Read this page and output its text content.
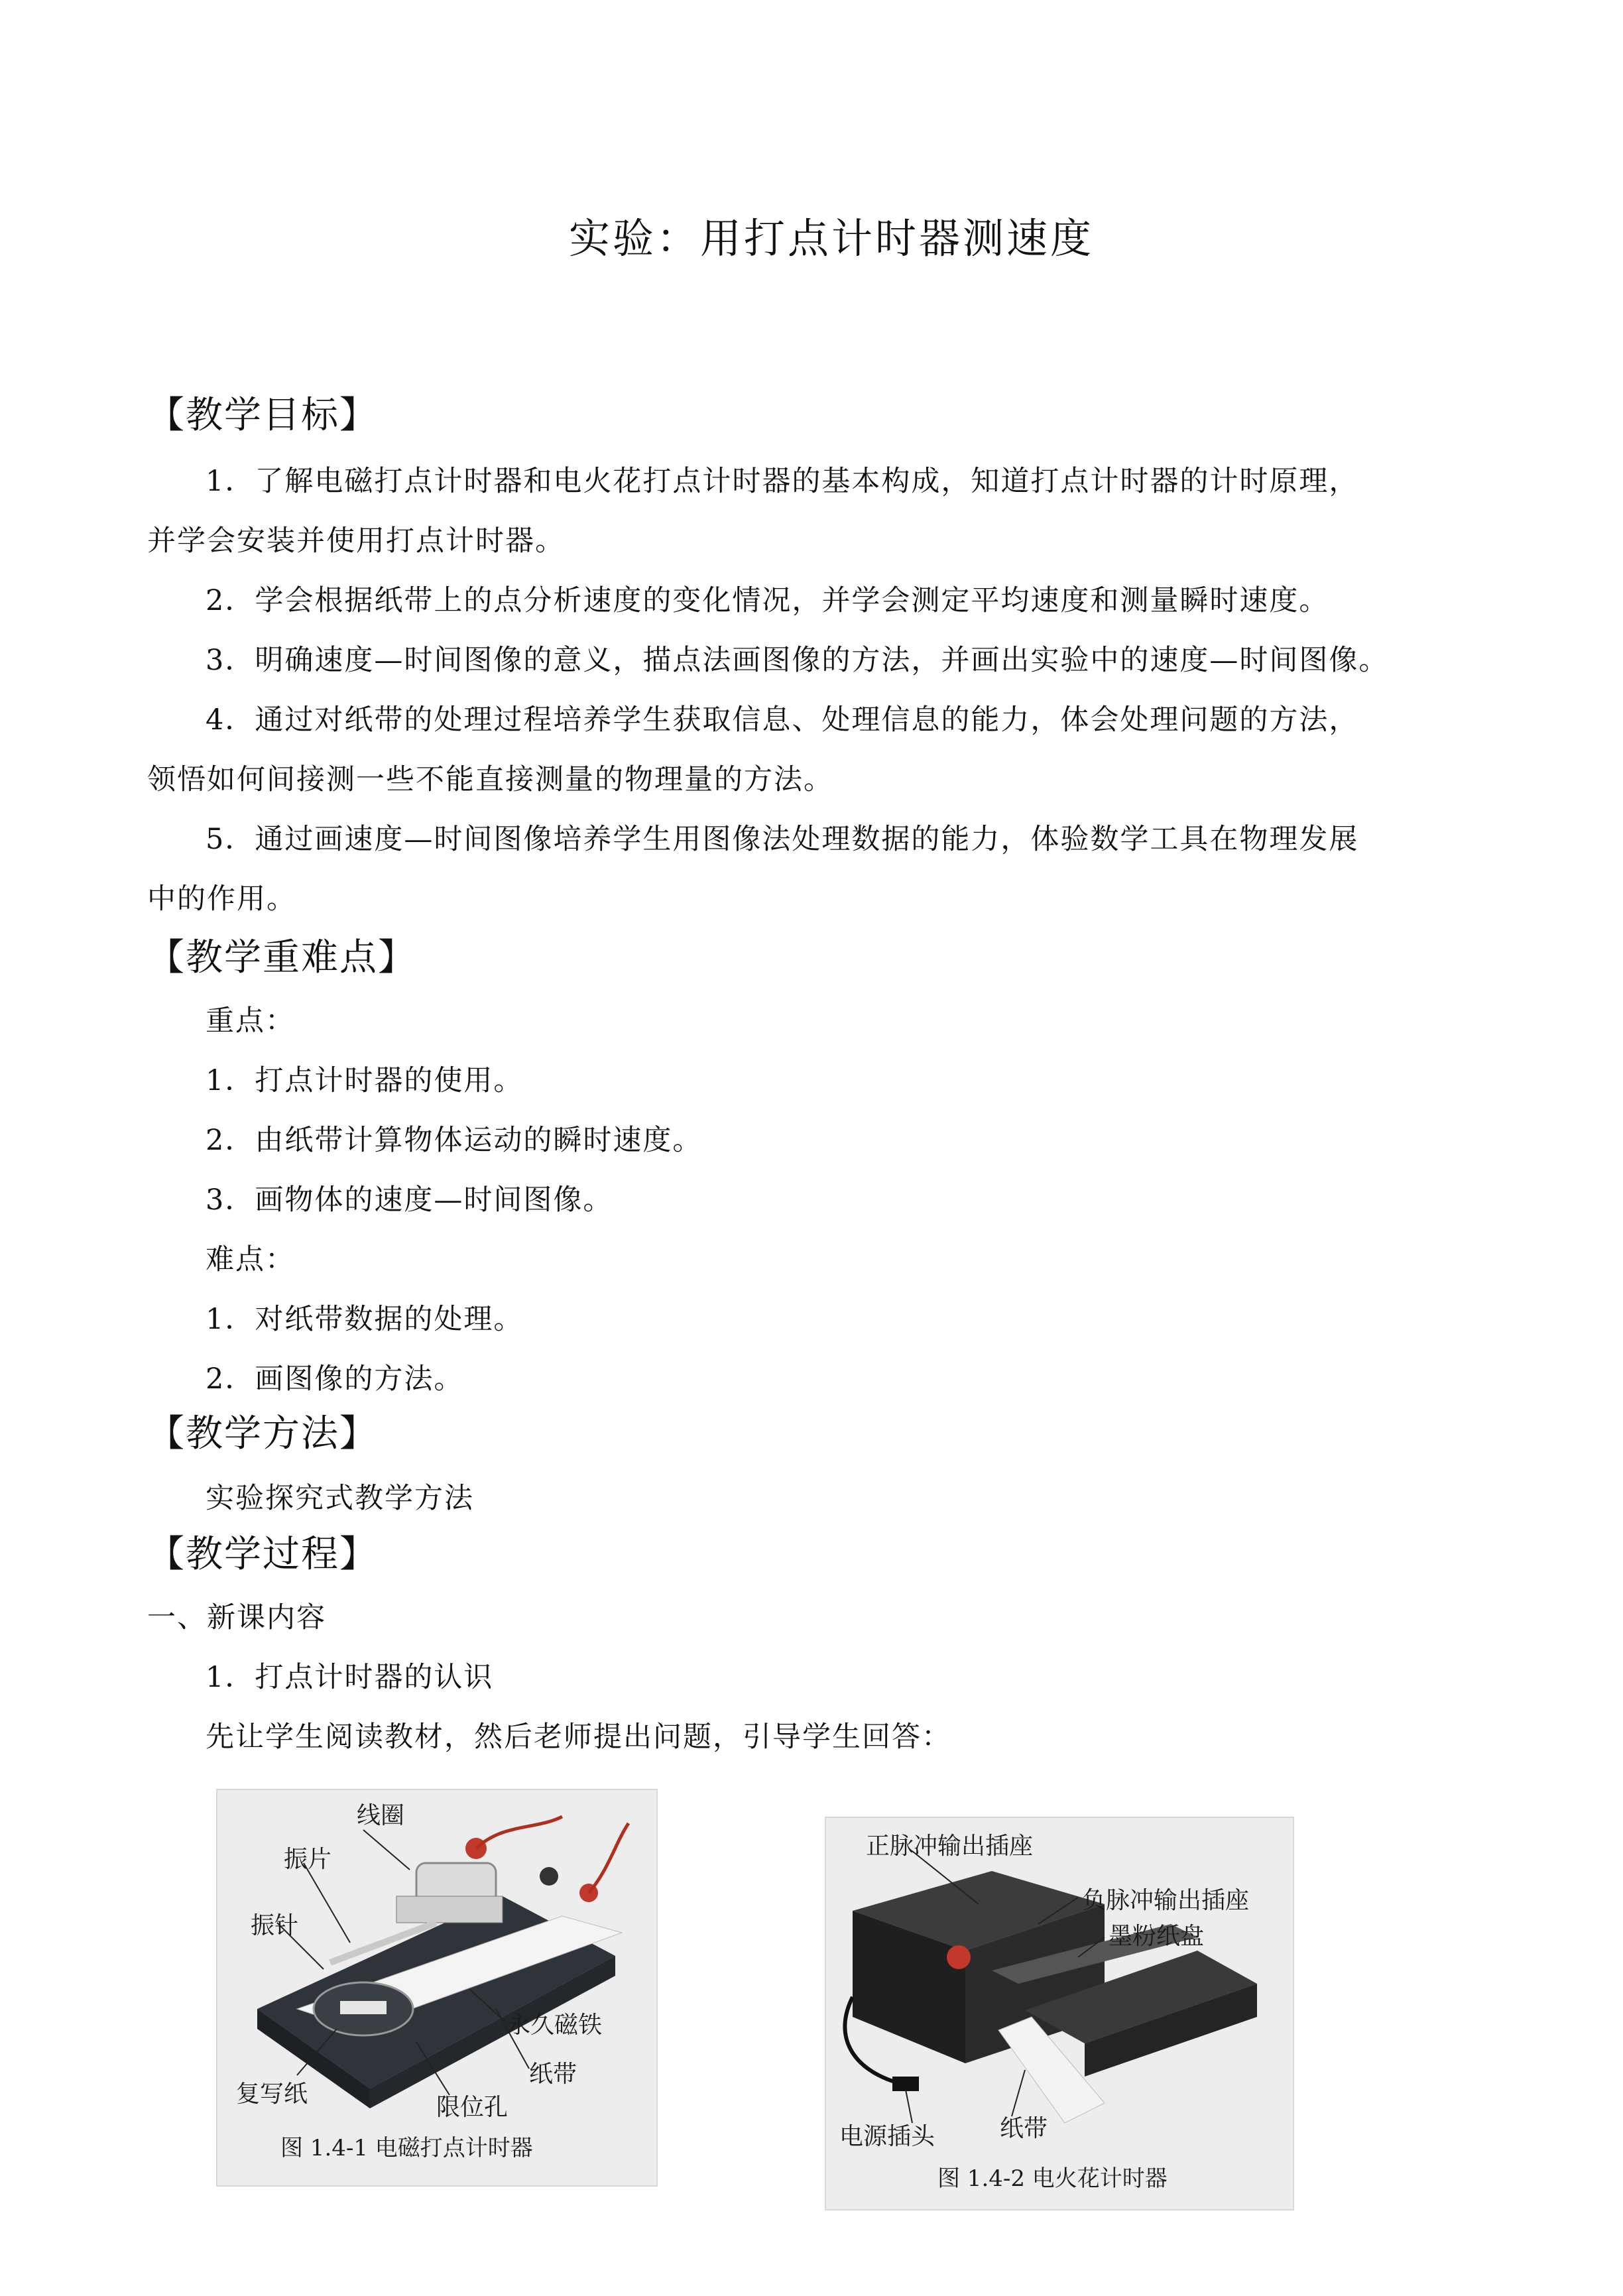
实验：用打点计时器测速度
【教学目标】
1．了解电磁打点计时器和电火花打点计时器的基本构成，知道打点计时器的计时原理，
并学会安装并使用打点计时器。
2．学会根据纸带上的点分析速度的变化情况，并学会测定平均速度和测量瞬时速度。
3．明确速度—时间图像的意义，描点法画图像的方法，并画出实验中的速度—时间图像。
4．通过对纸带的处理过程培养学生获取信息、处理信息的能力，体会处理问题的方法，
领悟如何间接测一些不能直接测量的物理量的方法。
5．通过画速度—时间图像培养学生用图像法处理数据的能力，体验数学工具在物理发展
中的作用。
【教学重难点】
重点：
1．打点计时器的使用。
2．由纸带计算物体运动的瞬时速度。
3．画物体的速度—时间图像。
难点：
1．对纸带数据的处理。
2．画图像的方法。
【教学方法】
实验探究式教学方法
【教学过程】
一、新课内容
1．打点计时器的认识
先让学生阅读教材，然后老师提出问题，引导学生回答：
线圈
振片
振针
永久磁铁
纸带
复写纸	限位孔
图 1.4-1 电磁打点计时器
正脉冲输出插座
负脉冲输出插座
墨粉纸盘
电源插头	纸带
图 1.4-2 电火花计时器
